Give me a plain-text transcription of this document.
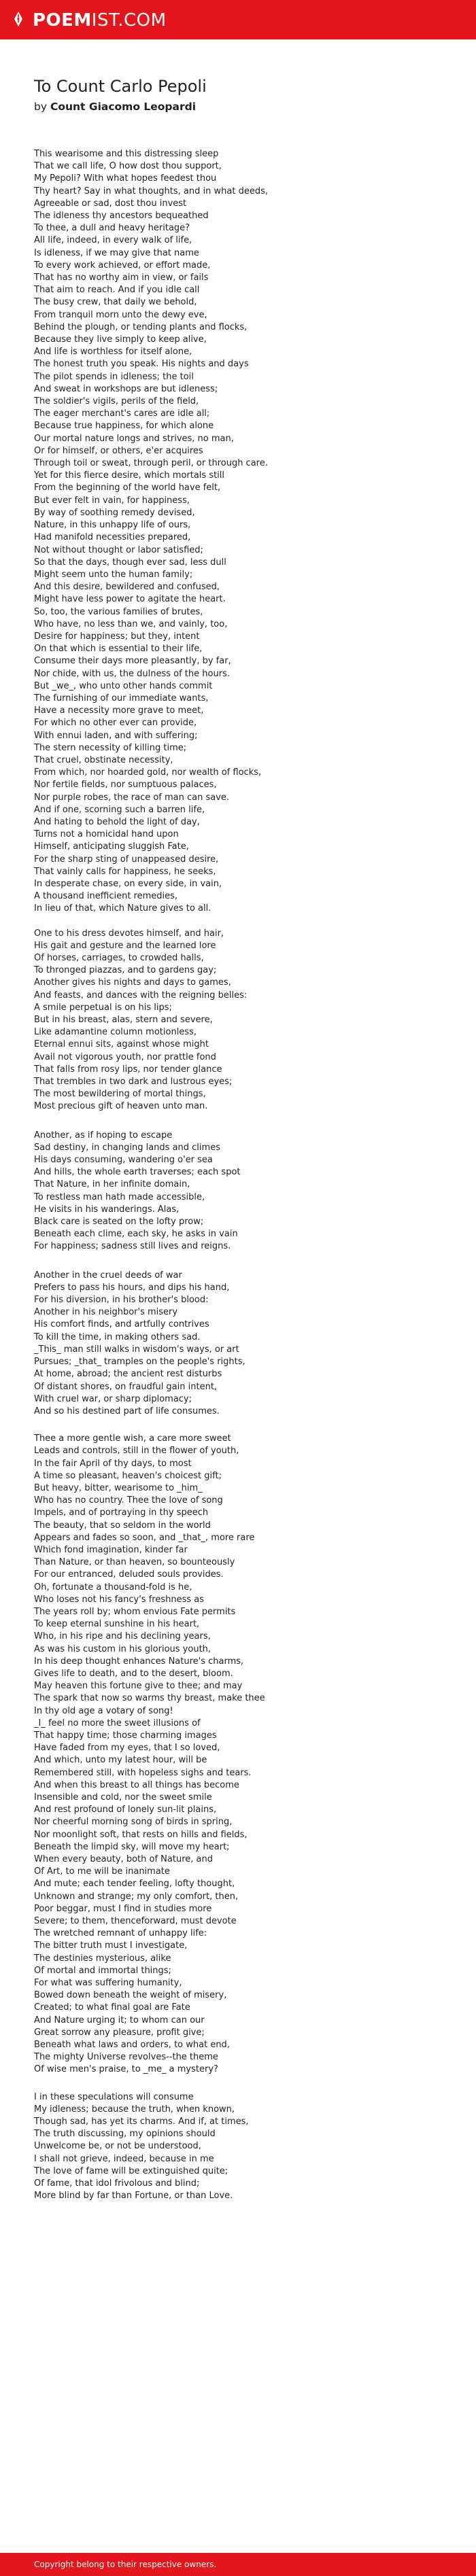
POEMIST.COM
To Count Carlo Pepoli
by Count Giacomo Leopardi
This wearisome and this distressing sleep
That we call life, O how dost thou support,
My Pepoli? With what hopes feedest thou
Thy heart? Say in what thoughts, and in what deeds,
Agreeable or sad, dost thou invest
The idleness thy ancestors bequeathed
To thee, a dull and heavy heritage?
All life, indeed, in every walk of life,
Is idleness, if we may give that name
To every work achieved, or effort made,
That has no worthy aim in view, or fails
That aim to reach. And if you idle call
The busy crew, that daily we behold,
From tranquil morn unto the dewy eve,
Behind the plough, or tending plants and flocks,
Because they live simply to keep alive,
And life is worthless for itself alone,
The honest truth you speak. His nights and days
The pilot spends in idleness; the toil
And sweat in workshops are but idleness;
The soldier's vigils, perils of the field,
The eager merchant's cares are idle all;
Because true happiness, for which alone
Our mortal nature longs and strives, no man,
Or for himself, or others, e'er acquires
Through toil or sweat, through peril, or through care.
Yet for this fierce desire, which mortals still
From the beginning of the world have felt,
But ever felt in vain, for happiness,
By way of soothing remedy devised,
Nature, in this unhappy life of ours,
Had manifold necessities prepared,
Not without thought or labor satisfied;
So that the days, though ever sad, less dull
Might seem unto the human family;
And this desire, bewildered and confused,
Might have less power to agitate the heart.
So, too, the various families of brutes,
Who have, no less than we, and vainly, too,
Desire for happiness; but they, intent
On that which is essential to their life,
Consume their days more pleasantly, by far,
Nor chide, with us, the dulness of the hours.
But _we_, who unto other hands commit
The furnishing of our immediate wants,
Have a necessity more grave to meet,
For which no other ever can provide,
With ennui laden, and with suffering;
The stern necessity of killing time;
That cruel, obstinate necessity,
From which, nor hoarded gold, nor wealth of flocks,
Nor fertile fields, nor sumptuous palaces,
Nor purple robes, the race of man can save.
And if one, scorning such a barren life,
And hating to behold the light of day,
Turns not a homicidal hand upon
Himself, anticipating sluggish Fate,
For the sharp sting of unappeased desire,
That vainly calls for happiness, he seeks,
In desperate chase, on every side, in vain,
A thousand inefficient remedies,
In lieu of that, which Nature gives to all.
One to his dress devotes himself, and hair,
His gait and gesture and the learned lore
Of horses, carriages, to crowded halls,
To thronged piazzas, and to gardens gay;
Another gives his nights and days to games,
And feasts, and dances with the reigning belles:
A smile perpetual is on his lips;
But in his breast, alas, stern and severe,
Like adamantine column motionless,
Eternal ennui sits, against whose might
Avail not vigorous youth, nor prattle fond
That falls from rosy lips, nor tender glance
That trembles in two dark and lustrous eyes;
The most bewildering of mortal things,
Most precious gift of heaven unto man.
Another, as if hoping to escape
Sad destiny, in changing lands and climes
His days consuming, wandering o'er sea
And hills, the whole earth traverses; each spot
That Nature, in her infinite domain,
To restless man hath made accessible,
He visits in his wanderings. Alas,
Black care is seated on the lofty prow;
Beneath each clime, each sky, he asks in vain
For happiness; sadness still lives and reigns.
Another in the cruel deeds of war
Prefers to pass his hours, and dips his hand,
For his diversion, in his brother's blood:
Another in his neighbor's misery
His comfort finds, and artfully contrives
To kill the time, in making others sad.
_This_ man still walks in wisdom's ways, or art
Pursues; _that_ tramples on the people's rights,
At home, abroad; the ancient rest disturbs
Of distant shores, on fraudful gain intent,
With cruel war, or sharp diplomacy;
And so his destined part of life consumes.
Thee a more gentle wish, a care more sweet
Leads and controls, still in the flower of youth,
In the fair April of thy days, to most
A time so pleasant, heaven's choicest gift;
But heavy, bitter, wearisome to _him_
Who has no country. Thee the love of song
Impels, and of portraying in thy speech
The beauty, that so seldom in the world
Appears and fades so soon, and _that_, more rare
Which fond imagination, kinder far
Than Nature, or than heaven, so bounteously
For our entranced, deluded souls provides.
Oh, fortunate a thousand-fold is he,
Who loses not his fancy's freshness as
The years roll by; whom envious Fate permits
To keep eternal sunshine in his heart,
Who, in his ripe and his declining years,
As was his custom in his glorious youth,
In his deep thought enhances Nature's charms,
Gives life to death, and to the desert, bloom.
May heaven this fortune give to thee; and may
The spark that now so warms thy breast, make thee
In thy old age a votary of song!
_I_ feel no more the sweet illusions of
That happy time; those charming images
Have faded from my eyes, that I so loved,
And which, unto my latest hour, will be
Remembered still, with hopeless sighs and tears.
And when this breast to all things has become
Insensible and cold, nor the sweet smile
And rest profound of lonely sun-lit plains,
Nor cheerful morning song of birds in spring,
Nor moonlight soft, that rests on hills and fields,
Beneath the limpid sky, will move my heart;
When every beauty, both of Nature, and
Of Art, to me will be inanimate
And mute; each tender feeling, lofty thought,
Unknown and strange; my only comfort, then,
Poor beggar, must I find in studies more
Severe; to them, thenceforward, must devote
The wretched remnant of unhappy life:
The bitter truth must I investigate,
The destinies mysterious, alike
Of mortal and immortal things;
For what was suffering humanity,
Bowed down beneath the weight of misery,
Created; to what final goal are Fate
And Nature urging it; to whom can our
Great sorrow any pleasure, profit give;
Beneath what laws and orders, to what end,
The mighty Universe revolves--the theme
Of wise men's praise, to _me_ a mystery?
I in these speculations will consume
My idleness; because the truth, when known,
Though sad, has yet its charms. And if, at times,
The truth discussing, my opinions should
Unwelcome be, or not be understood,
I shall not grieve, indeed, because in me
The love of fame will be extinguished quite;
Of fame, that idol frivolous and blind;
More blind by far than Fortune, or than Love.
Copyright belong to their respective owners.
